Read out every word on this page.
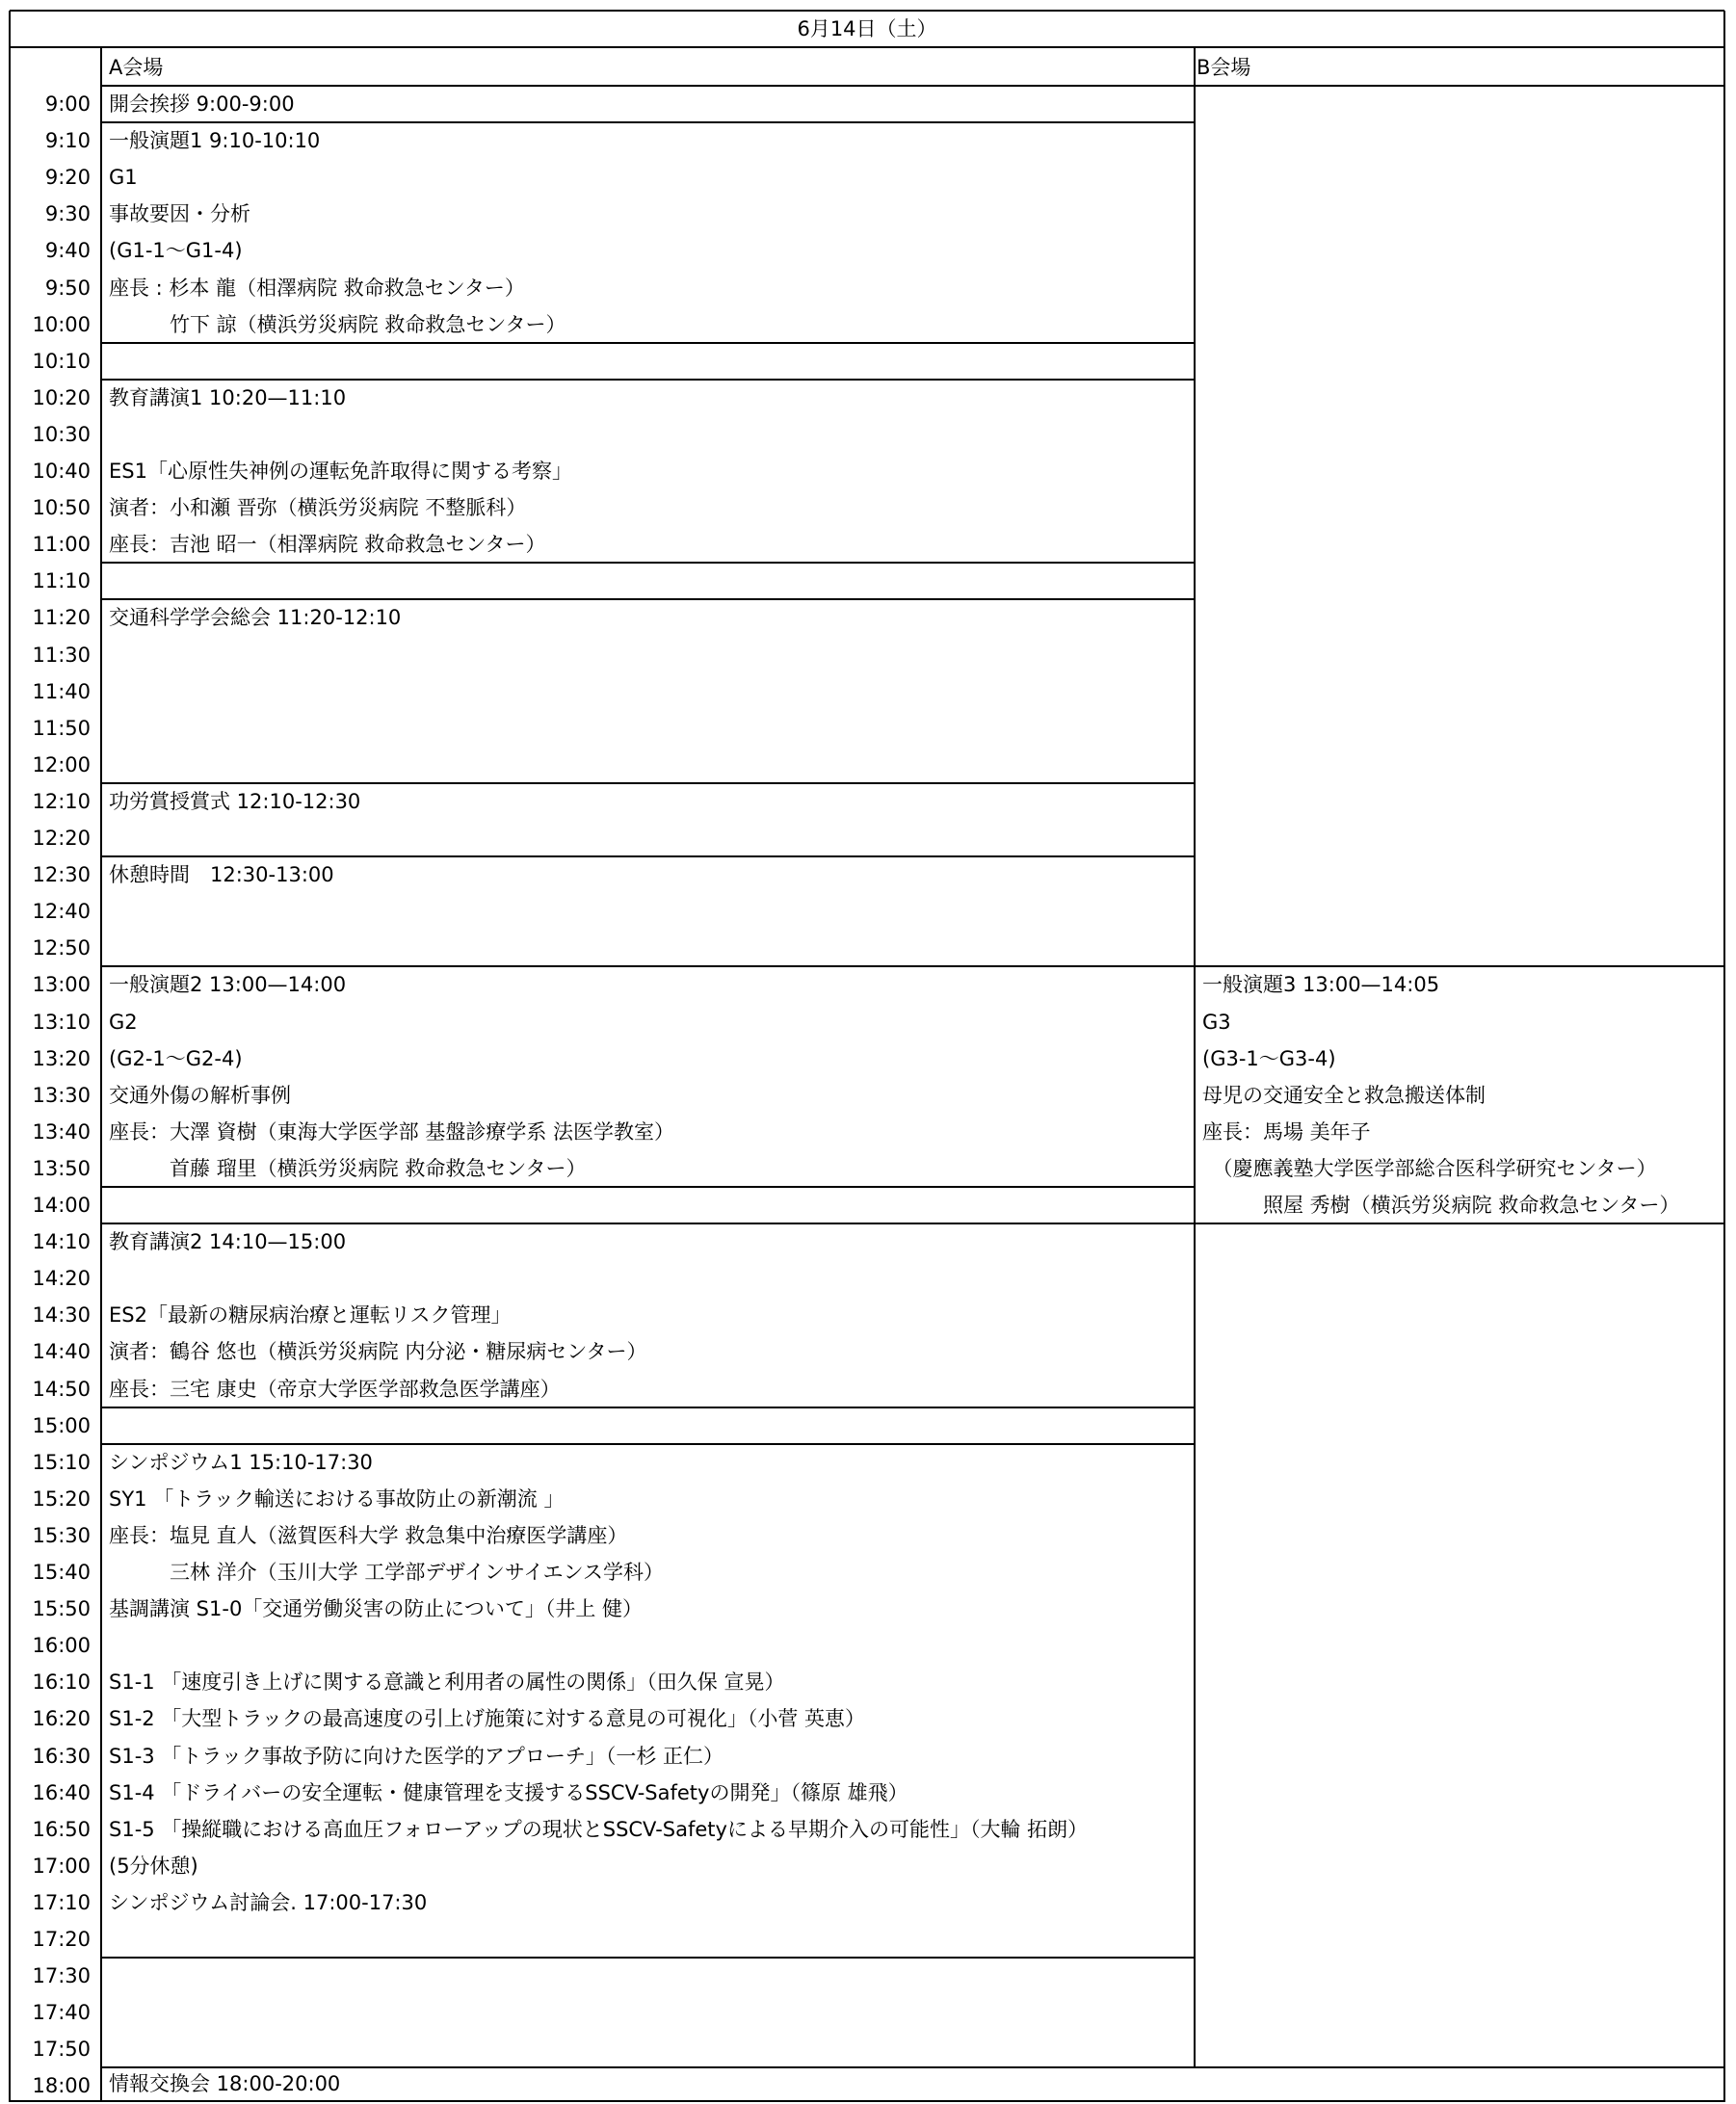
6月14日（土）
A会場	B会場
9:00
9:10
9:20
9:30
9:40
9:50
10:00
10:10
10:20
10:30
10:40
10:50
11:00
11:10
11:20
11:30
11:40
11:50
12:00
12:10
12:20
12:30
12:40
12:50
13:00
13:10
13:20
13:30
13:40
13:50
14:00
14:10
14:20
14:30
14:40
14:50
15:00
15:10
15:20
15:30
15:40
15:50
16:00
16:10
16:20
16:30
16:40
16:50
17:00
17:10
17:20
17:30
17:40
17:50
18:00
開会挨拶 9:00-9:00
一般演題1 9:10-10:10
G1
事故要因・分析
(G1-1～G1-4)
座長 : 杉本 龍（相澤病院 救命救急センター）
　　　竹下 諒（横浜労災病院 救命救急センター）
教育講演1 10:20—11:10
ES1「心原性失神例の運転免許取得に関する考察」
演者：小和瀬 晋弥（横浜労災病院 不整脈科）
座長：吉池 昭一（相澤病院 救命救急センター）
交通科学学会総会 11:20-12:10
功労賞授賞式 12:10-12:30
休憩時間　12:30-13:00
一般演題2 13:00—14:00
G2
(G2-1～G2-4)
交通外傷の解析事例
座長：大澤 資樹（東海大学医学部 基盤診療学系 法医学教室）
　　　首藤 瑠里（横浜労災病院 救命救急センター）
教育講演2 14:10—15:00
ES2「最新の糖尿病治療と運転リスク管理」
演者：鶴谷 悠也（横浜労災病院 内分泌・糖尿病センター）
座長：三宅 康史（帝京大学医学部救急医学講座）
シンポジウム1 15:10-17:30
SY1 「トラック輸送における事故防止の新潮流 」
座長：塩見 直人（滋賀医科大学 救急集中治療医学講座）
　　　三林 洋介（玉川大学 工学部デザインサイエンス学科）
基調講演 S1-0「交通労働災害の防止について」（井上 健）
S1-1 「速度引き上げに関する意識と利用者の属性の関係」（田久保 宣晃）
S1-2 「大型トラックの最高速度の引上げ施策に対する意見の可視化」（小菅 英恵）
S1-3 「トラック事故予防に向けた医学的アプローチ」（一杉 正仁）
S1-4 「ドライバーの安全運転・健康管理を支援するSSCV-Safetyの開発」（篠原 雄飛）
S1-5 「操縦職における高血圧フォローアップの現状とSSCV-Safetyによる早期介入の可能性」（大輪 拓朗）
(5分休憩)
シンポジウム討論会. 17:00-17:30
一般演題3 13:00—14:05
G3
(G3-1～G3-4)
母児の交通安全と救急搬送体制
座長：馬場 美年子
　（慶應義塾大学医学部総合医科学研究センター）
　　　照屋 秀樹（横浜労災病院 救命救急センター）
情報交換会 18:00-20:00
